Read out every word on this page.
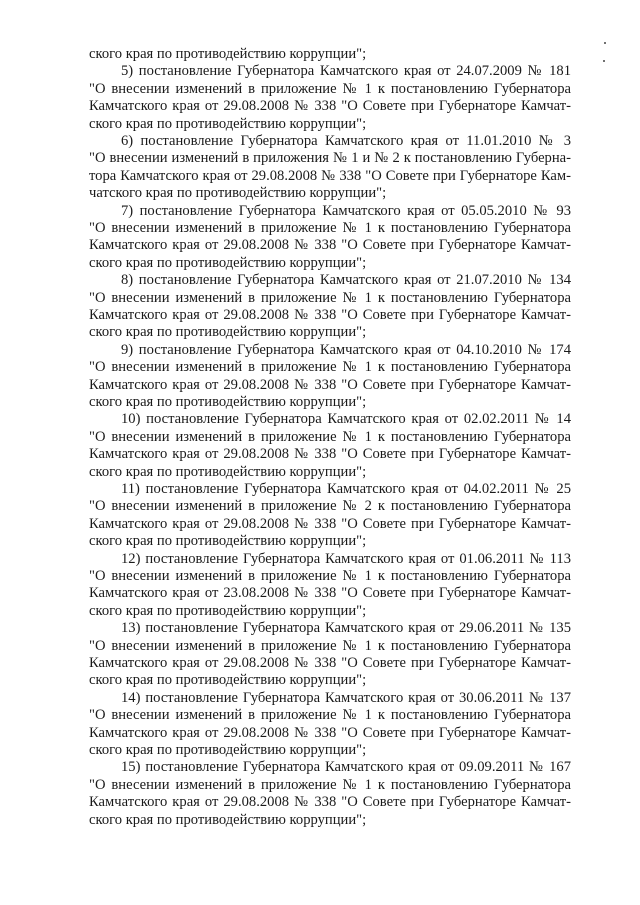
ского края по противодействию коррупции";

5) постановление Губернатора Камчатского края от 24.07.2009 № 181

"О внесении изменений в приложение № 1 к постановлению Губернатора

Камчатского края от 29.08.2008 № 338 "О Совете при Губернаторе Камчат-

ского края по противодействию коррупции";

6) постановление Губернатора Камчатского края от 11.01.2010 № 3

"О внесении изменений в приложения № 1 и № 2 к постановлению Губерна-

тора Камчатского края от 29.08.2008 № 338 "О Совете при Губернаторе Кам-

чатского края по противодействию коррупции";

7) постановление Губернатора Камчатского края от 05.05.2010 № 93

"О внесении изменений в приложение № 1 к постановлению Губернатора

Камчатского края от 29.08.2008 № 338 "О Совете при Губернаторе Камчат-

ского края по противодействию коррупции";

8) постановление Губернатора Камчатского края от 21.07.2010 № 134

"О внесении изменений в приложение № 1 к постановлению Губернатора

Камчатского края от 29.08.2008 № 338 "О Совете при Губернаторе Камчат-

ского края по противодействию коррупции";

9) постановление Губернатора Камчатского края от 04.10.2010 № 174

"О внесении изменений в приложение № 1 к постановлению Губернатора

Камчатского края от 29.08.2008 № 338 "О Совете при Губернаторе Камчат-

ского края по противодействию коррупции";

10) постановление Губернатора Камчатского края от 02.02.2011 № 14

"О внесении изменений в приложение № 1 к постановлению Губернатора

Камчатского края от 29.08.2008 № 338 "О Совете при Губернаторе Камчат-

ского края по противодействию коррупции";

11) постановление Губернатора Камчатского края от 04.02.2011 № 25

"О внесении изменений в приложение № 2 к постановлению Губернатора

Камчатского края от 29.08.2008 № 338 "О Совете при Губернаторе Камчат-

ского края по противодействию коррупции";

12) постановление Губернатора Камчатского края от 01.06.2011 № 113

"О внесении изменений в приложение № 1 к постановлению Губернатора

Камчатского края от 23.08.2008 № 338 "О Совете при Губернаторе Камчат-

ского края по противодействию коррупции";

13) постановление Губернатора Камчатского края от 29.06.2011 № 135

"О внесении изменений в приложение № 1 к постановлению Губернатора

Камчатского края от 29.08.2008 № 338 "О Совете при Губернаторе Камчат-

ского края по противодействию коррупции";

14) постановление Губернатора Камчатского края от 30.06.2011 № 137

"О внесении изменений в приложение № 1 к постановлению Губернатора

Камчатского края от 29.08.2008 № 338 "О Совете при Губернаторе Камчат-

ского края по противодействию коррупции";

15) постановление Губернатора Камчатского края от 09.09.2011 № 167

"О внесении изменений в приложение № 1 к постановлению Губернатора

Камчатского края от 29.08.2008 № 338 "О Совете при Губернаторе Камчат-

ского края по противодействию коррупции";
